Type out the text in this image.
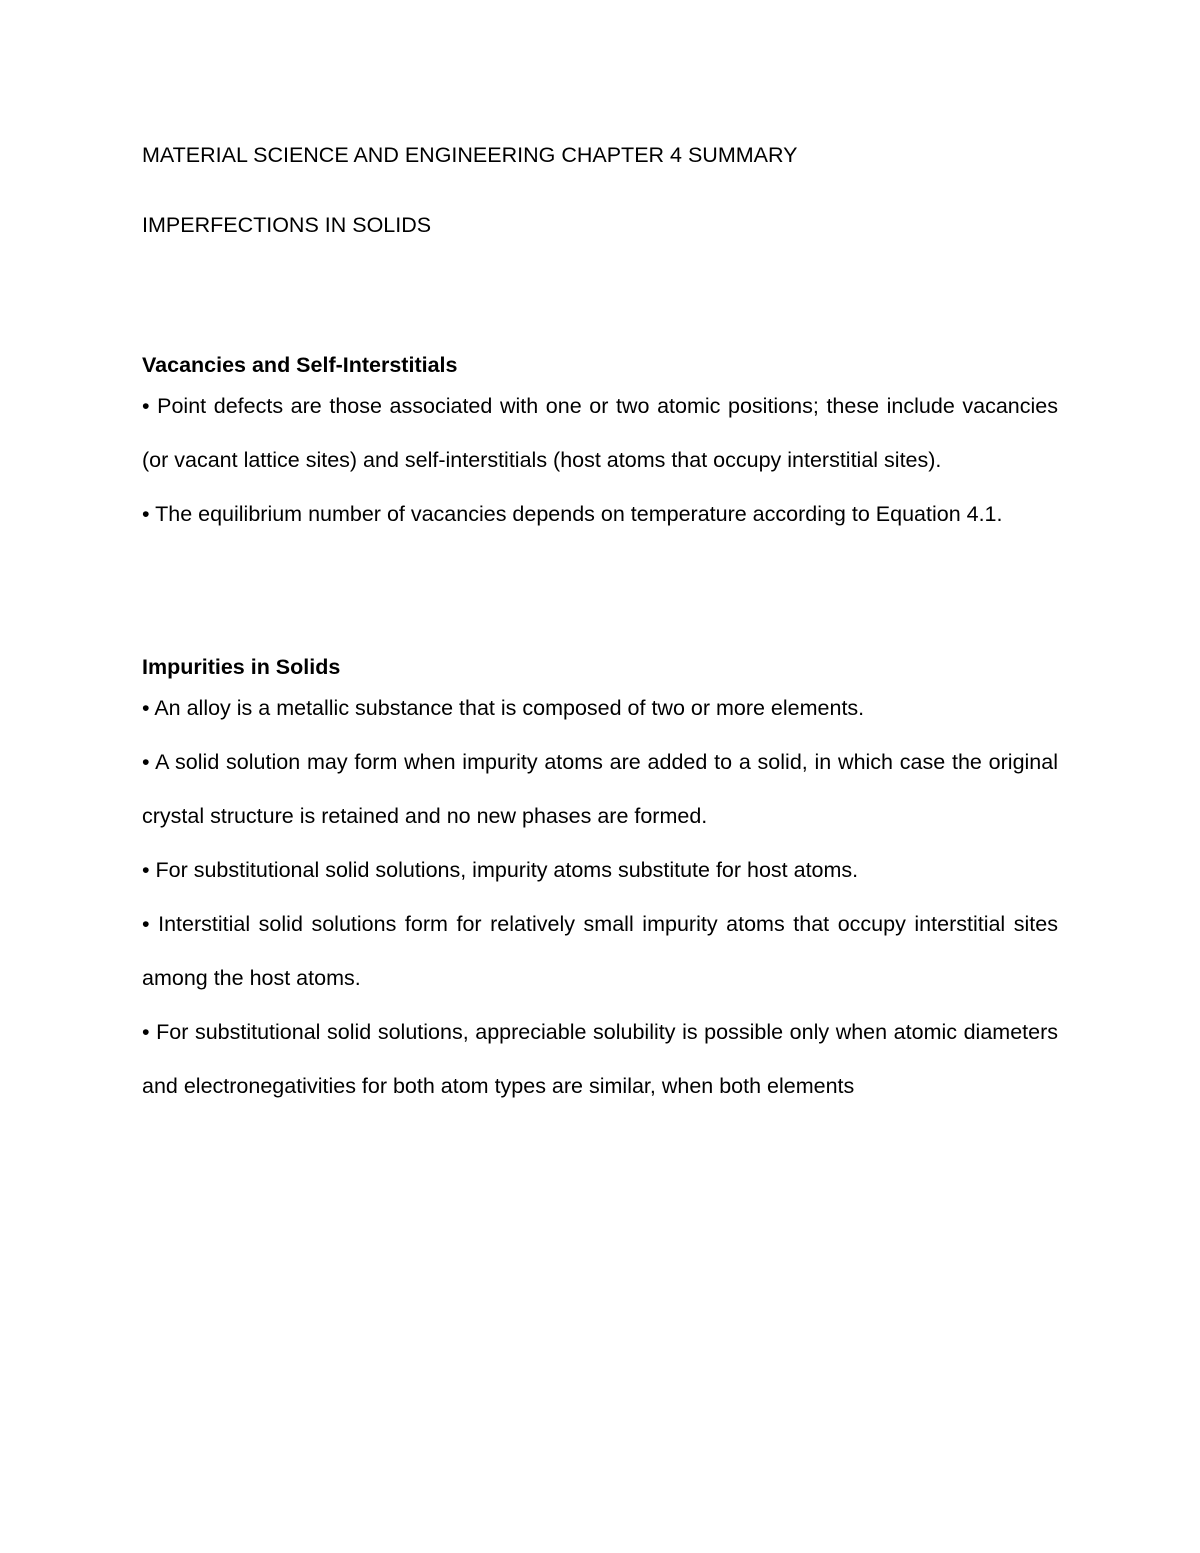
MATERIAL SCIENCE AND ENGINEERING CHAPTER 4 SUMMARY
IMPERFECTIONS IN SOLIDS
Vacancies and Self-Interstitials

• Point defects are those associated with one or two atomic positions; these include vacancies (or vacant lattice sites) and self-interstitials (host atoms that occupy interstitial sites).

• The equilibrium number of vacancies depends on temperature according to Equation 4.1.

Impurities in Solids

• An alloy is a metallic substance that is composed of two or more elements.

• A solid solution may form when impurity atoms are added to a solid, in which case the original crystal structure is retained and no new phases are formed.

• For substitutional solid solutions, impurity atoms substitute for host atoms.

• Interstitial solid solutions form for relatively small impurity atoms that occupy interstitial sites among the host atoms.

• For substitutional solid solutions, appreciable solubility is possible only when atomic diameters and electronegativities for both atom types are similar, when both elements
